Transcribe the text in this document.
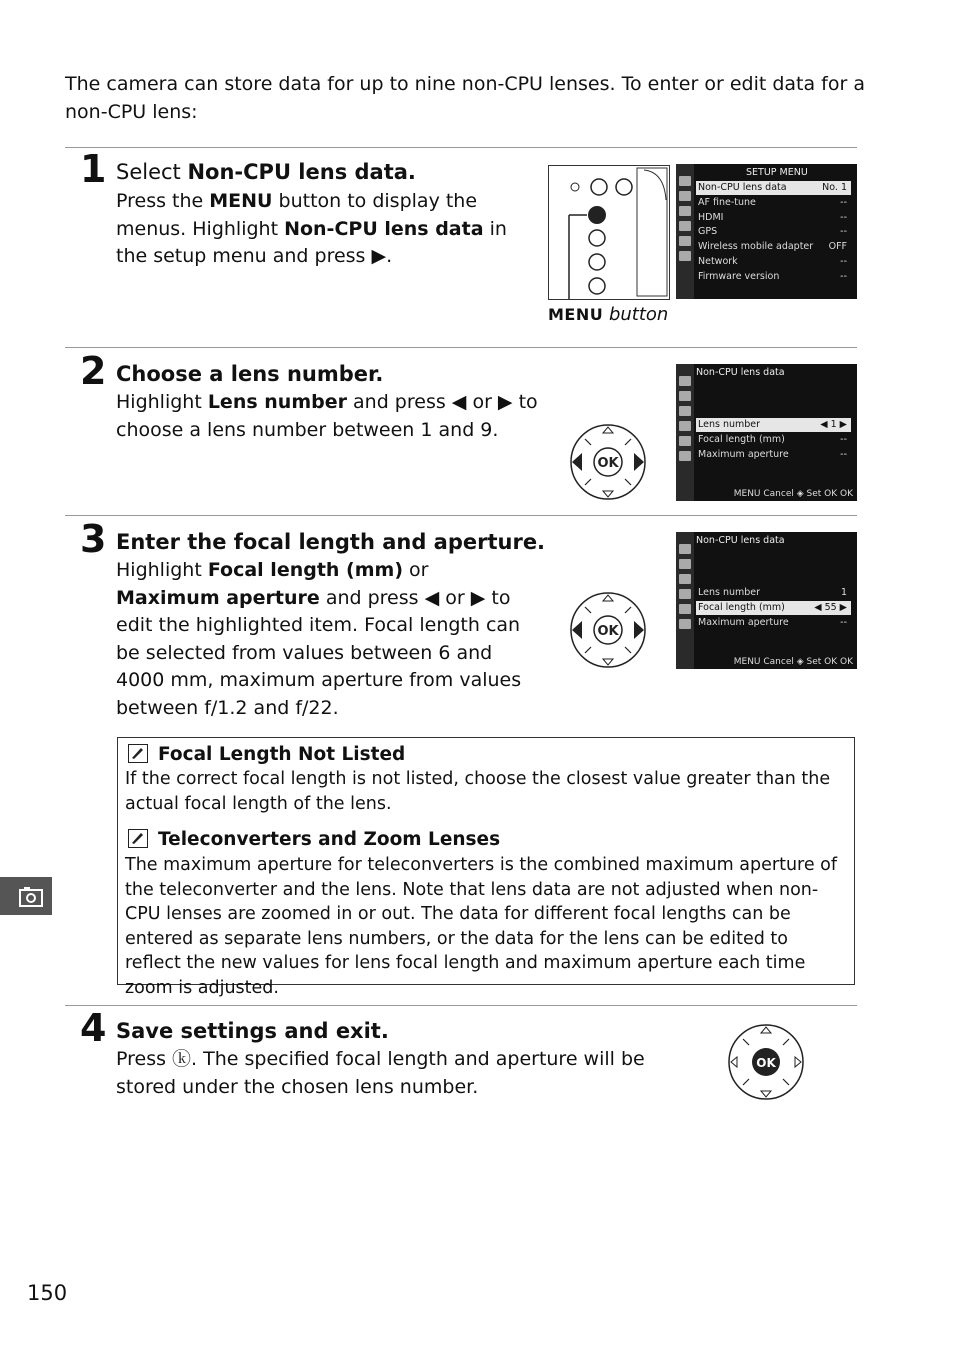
The camera can store data for up to nine non-CPU lenses. To enter or edit data for a non-CPU lens:
1 Select Non-CPU lens data.
Press the MENU button to display the menus. Highlight Non-CPU lens data in the setup menu and press ▶.
MENU button
SETUP MENU
Non-CPU lens data	No. 1
AF fine-tune	--
HDMI	--
GPS	--
Wireless mobile adapter OFF
Network	--
Firmware version	--
2 Choose a lens number.
Highlight Lens number and press ◀ or ▶ to choose a lens number between 1 and 9.
OK
Non-CPU lens data
Lens number	◀ 1 ▶
Focal length (mm)	--
Maximum aperture	--
MENU Cancel ◈ Set OK OK
3 Enter the focal length and aperture.
Highlight Focal length (mm) or Maximum aperture and press ◀ or ▶ to edit the highlighted item. Focal length can be selected from values between 6 and 4000 mm, maximum aperture from values between f/1.2 and f/22.
OK
Non-CPU lens data
Lens number	1
Focal length (mm)	◀ 55 ▶
Maximum aperture	--
MENU Cancel ◈ Set OK OK
Focal Length Not Listed
If the correct focal length is not listed, choose the closest value greater than the actual focal length of the lens.
Teleconverters and Zoom Lenses
The maximum aperture for teleconverters is the combined maximum aperture of the teleconverter and the lens. Note that lens data are not adjusted when non-CPU lenses are zoomed in or out. The data for different focal lengths can be entered as separate lens numbers, or the data for the lens can be edited to reflect the new values for lens focal length and maximum aperture each time zoom is adjusted.
4 Save settings and exit.
Press ⓚ. The specified focal length and aperture will be stored under the chosen lens number.
OK
150
